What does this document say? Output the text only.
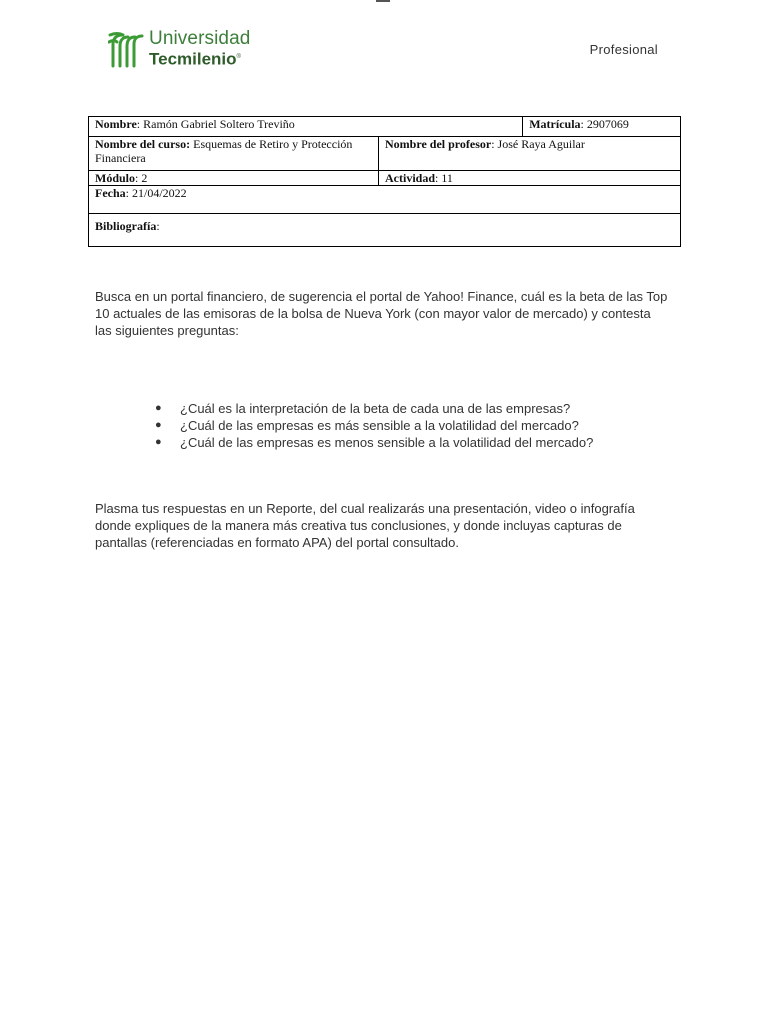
Universidad
Tecmilenio®	Profesional
Nombre: Ramón Gabriel Soltero Treviño		Matrícula: 2907069
Nombre del curso: Esquemas de Retiro y Protección Financiera	Nombre del profesor: José Raya Aguilar	
Módulo: 2	Actividad: 11	
Fecha: 21/04/2022		
Bibliografía:		

Busca en un portal financiero, de sugerencia el portal de Yahoo! Finance, cuál es la beta de las Top 10 actuales de las emisoras de la bolsa de Nueva York (con mayor valor de mercado) y contesta las siguientes preguntas:

● ¿Cuál es la interpretación de la beta de cada una de las empresas?
● ¿Cuál de las empresas es más sensible a la volatilidad del mercado?
● ¿Cuál de las empresas es menos sensible a la volatilidad del mercado?

Plasma tus respuestas en un Reporte, del cual realizarás una presentación, video o infografía donde expliques de la manera más creativa tus conclusiones, y donde incluyas capturas de pantallas (referenciadas en formato APA) del portal consultado.
